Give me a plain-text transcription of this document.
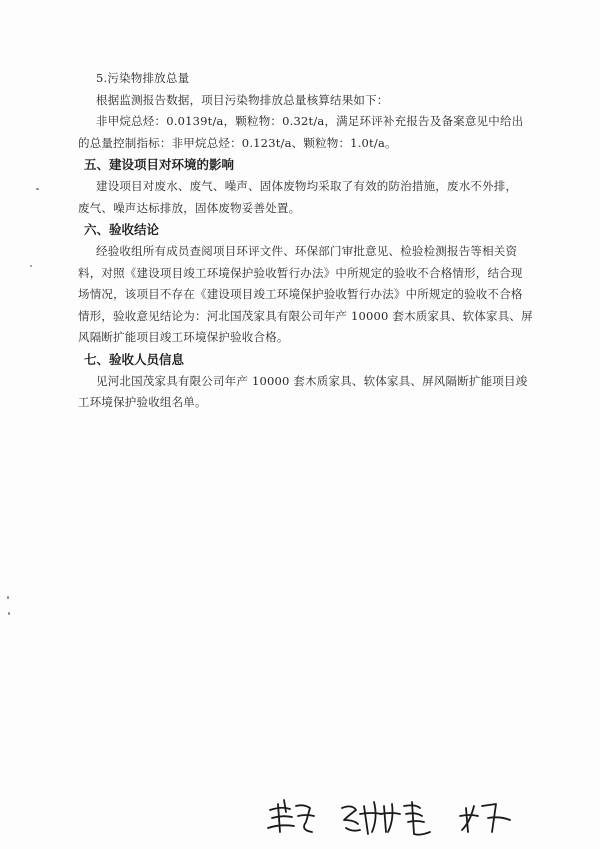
5.污染物排放总量
根据监测报告数据，项目污染物排放总量核算结果如下：
非甲烷总烃：0.0139t/a，颗粒物：0.32t/a，满足环评补充报告及备案意见中给出
的总量控制指标：非甲烷总烃：0.123t/a、颗粒物：1.0t/a。
五、建设项目对环境的影响
建设项目对废水、废气、噪声、固体废物均采取了有效的防治措施，废水不外排，
废气、噪声达标排放，固体废物妥善处置。
六、验收结论
经验收组所有成员查阅项目环评文件、环保部门审批意见、检验检测报告等相关资
料，对照《建设项目竣工环境保护验收暂行办法》中所规定的验收不合格情形，结合现
场情况，该项目不存在《建设项目竣工环境保护验收暂行办法》中所规定的验收不合格
情形，验收意见结论为：河北国茂家具有限公司年产 10000 套木质家具、软体家具、屏
风隔断扩能项目竣工环境保护验收合格。
七、验收人员信息
见河北国茂家具有限公司年产 10000 套木质家具、软体家具、屏风隔断扩能项目竣
工环境保护验收组名单。
